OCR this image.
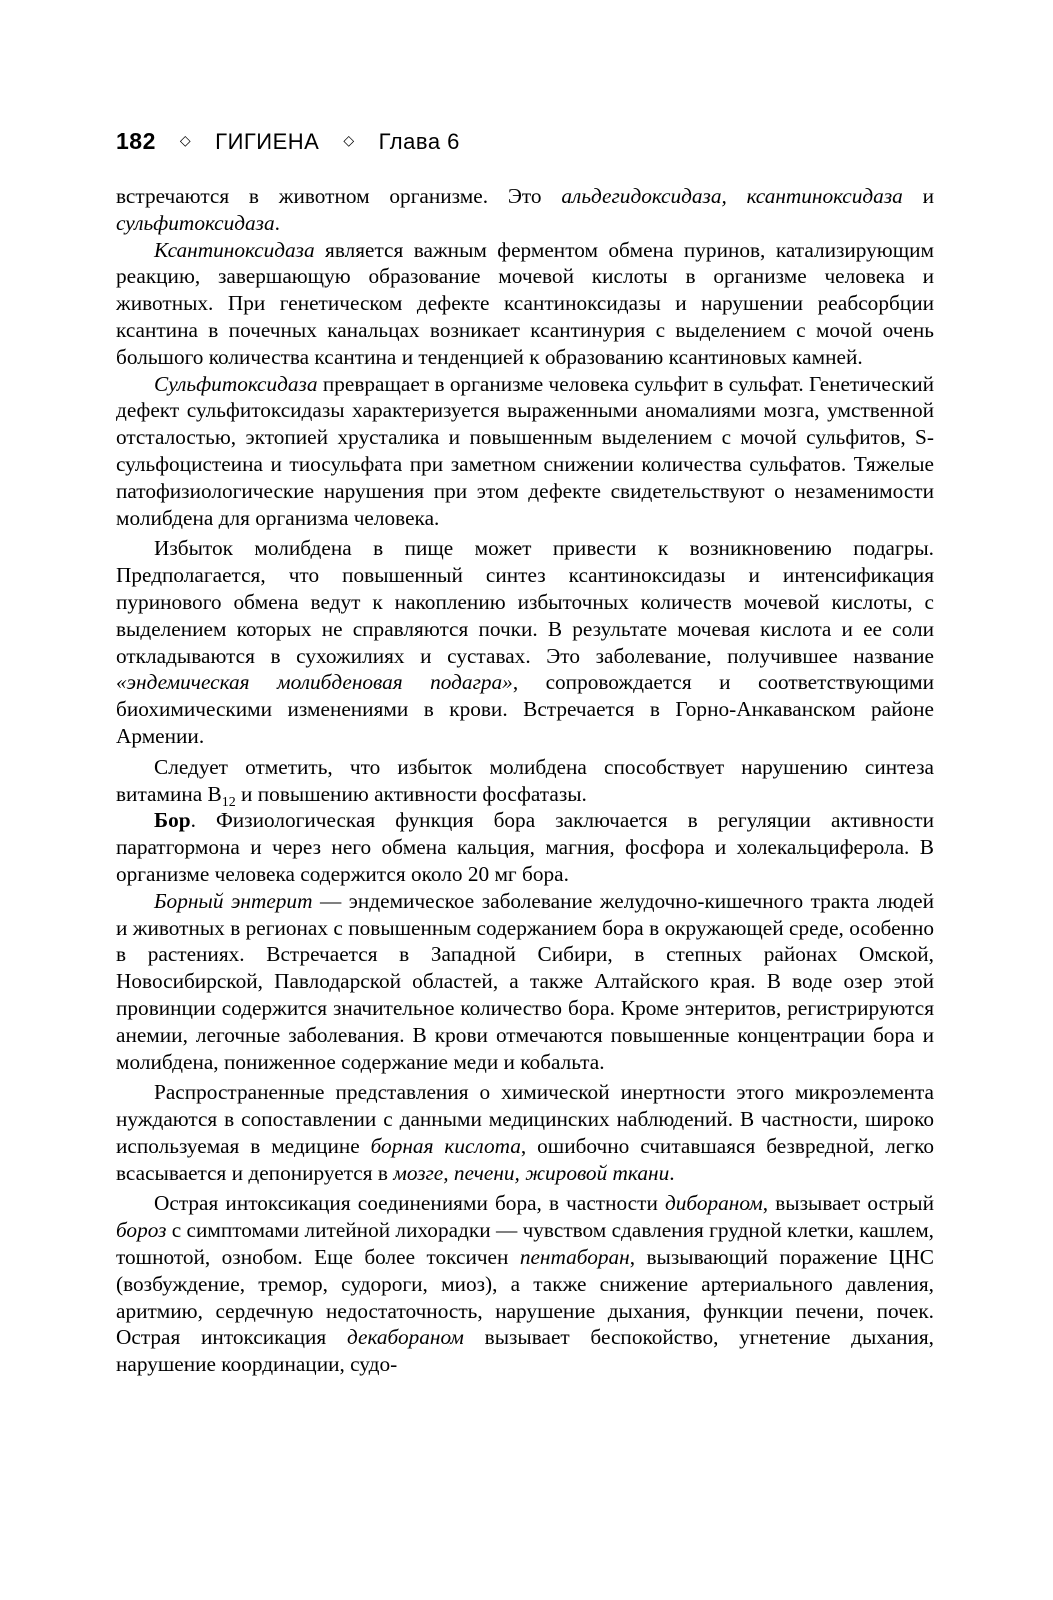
182 ◇ ГИГИЕНА ◇ Глава 6

встречаются в животном организме. Это альдегидоксидаза, ксантиноксидаза и сульфитоксидаза.

Ксантиноксидаза является важным ферментом обмена пуринов, катализирующим реакцию, завершающую образование мочевой кислоты в организме человека и животных. При генетическом дефекте ксантиноксидазы и нарушении реабсорбции ксантина в почечных канальцах возникает ксантинурия с выделением с мочой очень большого количества ксантина и тенденцией к образованию ксантиновых камней.

Сульфитоксидаза превращает в организме человека сульфит в сульфат. Генетический дефект сульфитоксидазы характеризуется выраженными аномалиями мозга, умственной отсталостью, эктопией хрусталика и повышенным выделением с мочой сульфитов, S-сульфоцистеина и тиосульфата при заметном снижении количества сульфатов. Тяжелые патофизиологические нарушения при этом дефекте свидетельствуют о незаменимости молибдена для организма человека.

Избыток молибдена в пище может привести к возникновению подагры. Предполагается, что повышенный синтез ксантиноксидазы и интенсификация пуринового обмена ведут к накоплению избыточных количеств мочевой кислоты, с выделением которых не справляются почки. В результате мочевая кислота и ее соли откладываются в сухожилиях и суставах. Это заболевание, получившее название «эндемическая молибденовая подагра», сопровождается и соответствующими биохимическими изменениями в крови. Встречается в Горно-Анкаванском районе Армении.

Следует отметить, что избыток молибдена способствует нарушению синтеза витамина $B_{12}$ и повышению активности фосфатазы.

Бор. Физиологическая функция бора заключается в регуляции активности паратгормона и через него обмена кальция, магния, фосфора и холекальциферола. В организме человека содержится около 20 мг бора.

Борный энтерит — эндемическое заболевание желудочно-кишечного тракта людей и животных в регионах с повышенным содержанием бора в окружающей среде, особенно в растениях. Встречается в Западной Сибири, в степных районах Омской, Новосибирской, Павлодарской областей, а также Алтайского края. В воде озер этой провинции содержится значительное количество бора. Кроме энтеритов, регистрируются анемии, легочные заболевания. В крови отмечаются повышенные концентрации бора и молибдена, пониженное содержание меди и кобальта.

Распространенные представления о химической инертности этого микроэлемента нуждаются в сопоставлении с данными медицинских наблюдений. В частности, широко используемая в медицине борная кислота, ошибочно считавшаяся безвредной, легко всасывается и депонируется в мозге, печени, жировой ткани.

Острая интоксикация соединениями бора, в частности дибораном, вызывает острый бороз с симптомами литейной лихорадки — чувством сдавления грудной клетки, кашлем, тошнотой, ознобом. Еще более токсичен пентаборан, вызывающий поражение ЦНС (возбуждение, тремор, судороги, миоз), а также снижение артериального давления, аритмию, сердечную недостаточность, нарушение дыхания, функции печени, почек. Острая интоксикация декабораном вызывает беспокойство, угнетение дыхания, нарушение координации, судо-
